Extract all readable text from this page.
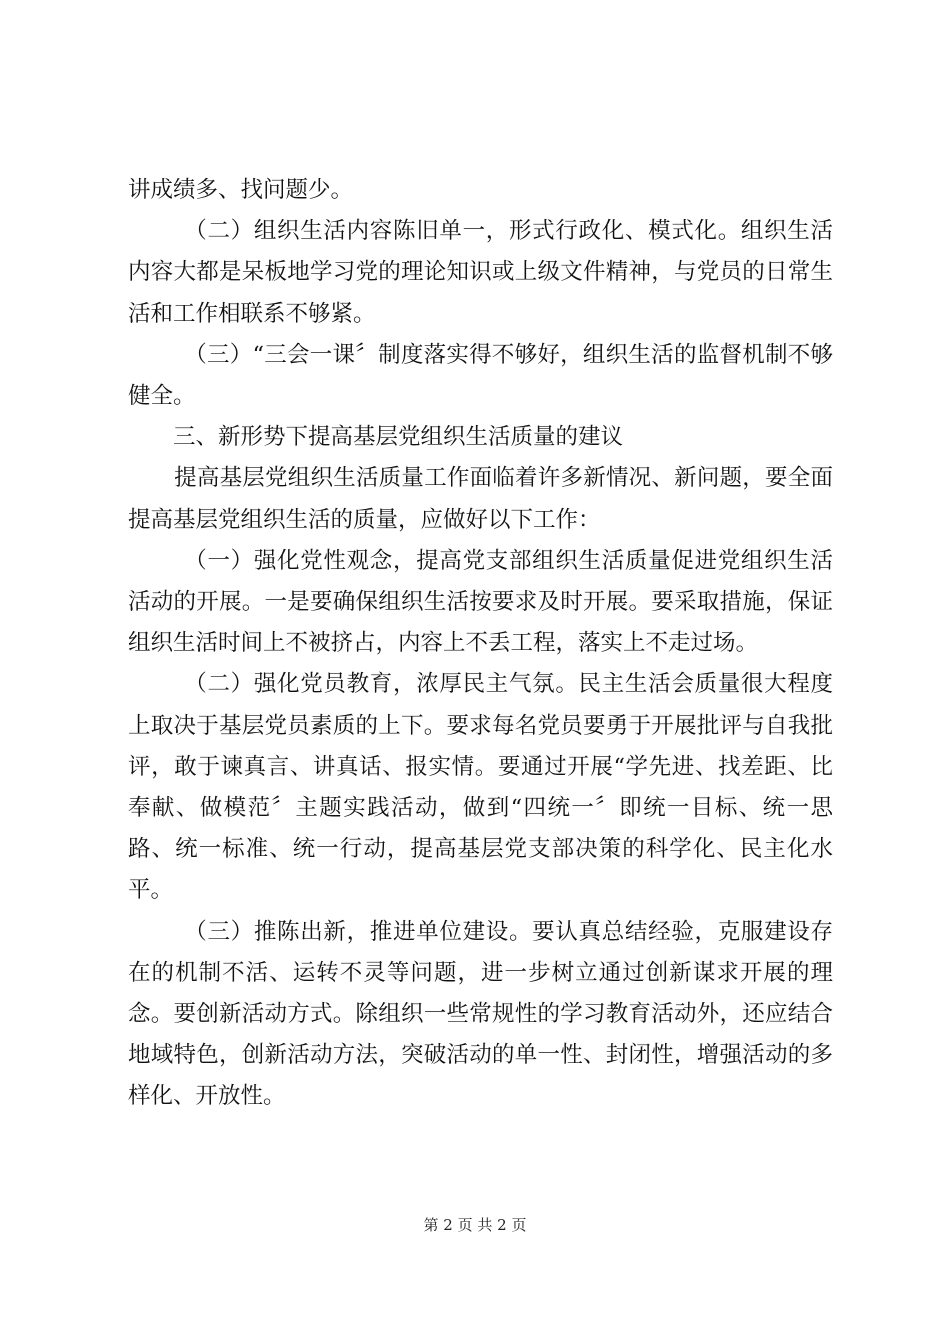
讲成绩多、找问题少。

（二）组织生活内容陈旧单一，形式行政化、模式化。组织生活内容大都是呆板地学习党的理论知识或上级文件精神，与党员的日常生活和工作相联系不够紧。

（三）“三会一课〞制度落实得不够好，组织生活的监督机制不够健全。

三、新形势下提高基层党组织生活质量的建议

提高基层党组织生活质量工作面临着许多新情况、新问题，要全面提高基层党组织生活的质量，应做好以下工作：

（一）强化党性观念，提高党支部组织生活质量促进党组织生活活动的开展。一是要确保组织生活按要求及时开展。要采取措施，保证组织生活时间上不被挤占，内容上不丢工程，落实上不走过场。

（二）强化党员教育，浓厚民主气氛。民主生活会质量很大程度上取决于基层党员素质的上下。要求每名党员要勇于开展批评与自我批评，敢于谏真言、讲真话、报实情。要通过开展“学先进、找差距、比奉献、做模范〞主题实践活动，做到“四统一〞即统一目标、统一思路、统一标准、统一行动，提高基层党支部决策的科学化、民主化水平。

（三）推陈出新，推进单位建设。要认真总结经验，克服建设存在的机制不活、运转不灵等问题，进一步树立通过创新谋求开展的理念。要创新活动方式。除组织一些常规性的学习教育活动外，还应结合地域特色，创新活动方法，突破活动的单一性、封闭性，增强活动的多样化、开放性。

第 2 页 共 2 页
